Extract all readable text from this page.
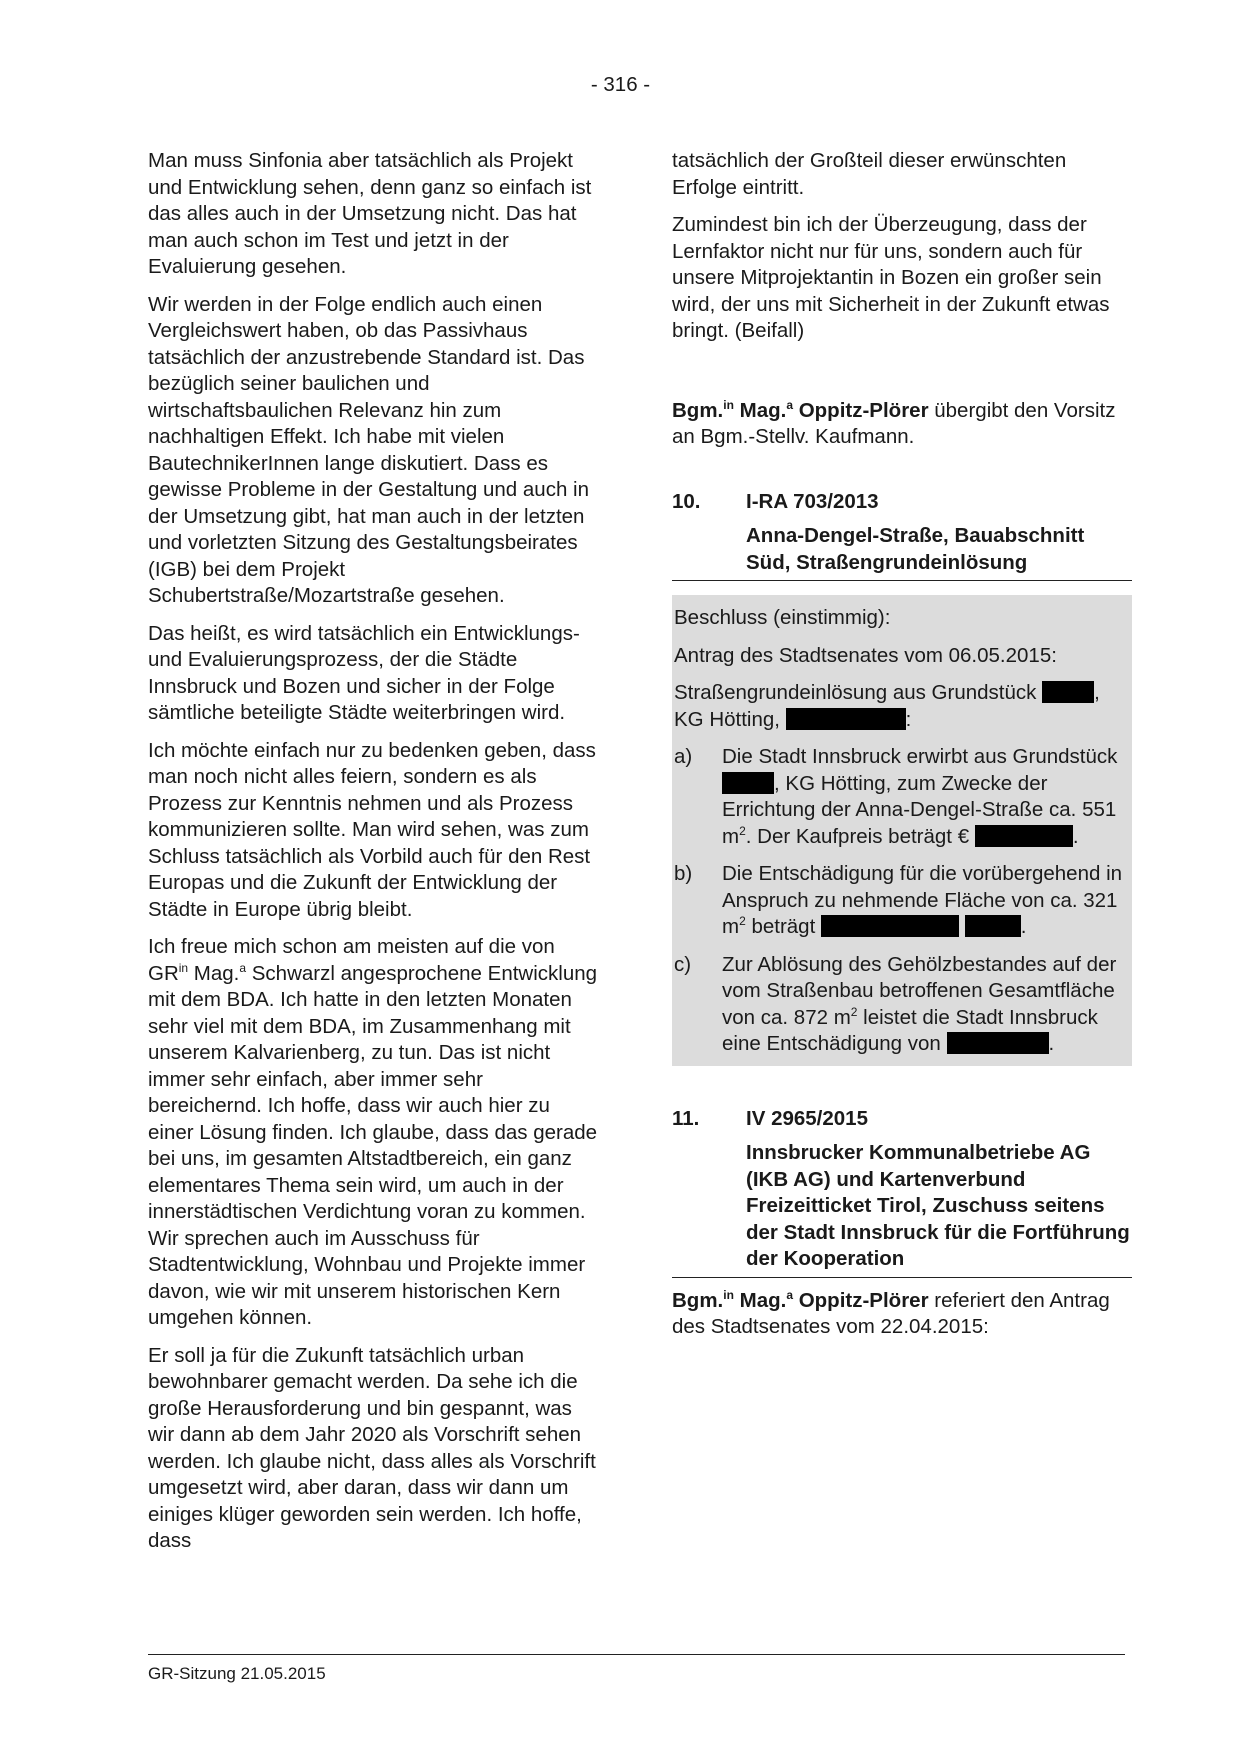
- 316 -

Man muss Sinfonia aber tatsächlich als Projekt und Entwicklung sehen, denn ganz so einfach ist das alles auch in der Umsetzung nicht. Das hat man auch schon im Test und jetzt in der Evaluierung gesehen.

Wir werden in der Folge endlich auch einen Vergleichswert haben, ob das Passivhaus tatsächlich der anzustrebende Standard ist. Das bezüglich seiner baulichen und wirtschaftsbaulichen Relevanz hin zum nachhaltigen Effekt. Ich habe mit vielen BautechnikerInnen lange diskutiert. Dass es gewisse Probleme in der Gestaltung und auch in der Umsetzung gibt, hat man auch in der letzten und vorletzten Sitzung des Gestaltungsbeirates (IGB) bei dem Projekt Schubertstraße/Mozartstraße gesehen.

Das heißt, es wird tatsächlich ein Entwicklungs- und Evaluierungsprozess, der die Städte Innsbruck und Bozen und sicher in der Folge sämtliche beteiligte Städte weiterbringen wird.

Ich möchte einfach nur zu bedenken geben, dass man noch nicht alles feiern, sondern es als Prozess zur Kenntnis nehmen und als Prozess kommunizieren sollte. Man wird sehen, was zum Schluss tatsächlich als Vorbild auch für den Rest Europas und die Zukunft der Entwicklung der Städte in Europe übrig bleibt.

Ich freue mich schon am meisten auf die von $GR^{in}$ Mag.$^a$ Schwarzl angesprochene Entwicklung mit dem BDA. Ich hatte in den letzten Monaten sehr viel mit dem BDA, im Zusammenhang mit unserem Kalvarienberg, zu tun. Das ist nicht immer sehr einfach, aber immer sehr bereichernd. Ich hoffe, dass wir auch hier zu einer Lösung finden. Ich glaube, dass das gerade bei uns, im gesamten Altstadtbereich, ein ganz elementares Thema sein wird, um auch in der innerstädtischen Verdichtung voran zu kommen. Wir sprechen auch im Ausschuss für Stadtentwicklung, Wohnbau und Projekte immer davon, wie wir mit unserem historischen Kern umgehen können.

Er soll ja für die Zukunft tatsächlich urban bewohnbarer gemacht werden. Da sehe ich die große Herausforderung und bin gespannt, was wir dann ab dem Jahr 2020 als Vorschrift sehen werden. Ich glaube nicht, dass alles als Vorschrift umgesetzt wird, aber daran, dass wir dann um einiges klüger geworden sein werden. Ich hoffe, dass

tatsächlich der Großteil dieser erwünschten Erfolge eintritt.

Zumindest bin ich der Überzeugung, dass der Lernfaktor nicht nur für uns, sondern auch für unsere Mitprojektantin in Bozen ein großer sein wird, der uns mit Sicherheit in der Zukunft etwas bringt. (Beifall)

Bgm.$^{in}$ Mag.$^a$ Oppitz-Plörer übergibt den Vorsitz an Bgm.-Stellv. Kaufmann.

10.	I-RA 703/2013
Anna-Dengel-Straße, Bauabschnitt Süd, Straßengrundeinlösung

Beschluss (einstimmig):

Antrag des Stadtsenates vom 06.05.2015:

Straßengrundeinlösung aus Grundstück	, KG Hötting,	:

a)	Die Stadt Innsbruck erwirbt aus Grundstück , KG Hötting, zum Zwecke der Errichtung der Anna-Dengel-Straße ca. 551 $m^2$. Der Kaufpreis beträgt €	.
b)	Die Entschädigung für die vorübergehend in Anspruch zu nehmende Fläche von ca. 321 $m^2$ beträgt	.
c)	Zur Ablösung des Gehölzbestandes auf der vom Straßenbau betroffenen Gesamtfläche von ca. 872 $m^2$ leistet die Stadt Innsbruck eine Entschädigung von	.
11.	IV 2965/2015
Innsbrucker Kommunalbetriebe AG (IKB AG) und Kartenverbund Freizeitticket Tirol, Zuschuss seitens der Stadt Innsbruck für die Fortführung der Kooperation

Bgm.$^{in}$ Mag.$^a$ Oppitz-Plörer referiert den Antrag des Stadtsenates vom 22.04.2015:

GR-Sitzung 21.05.2015
